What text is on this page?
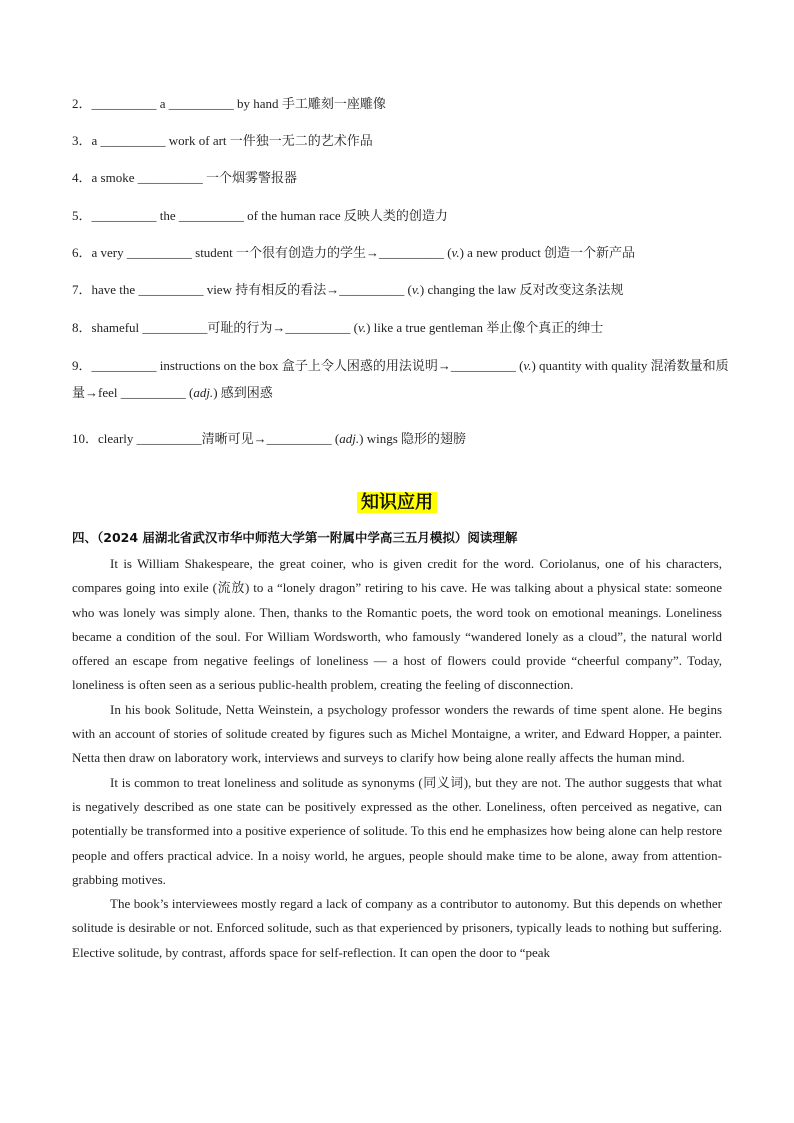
2．__________ a __________ by hand 手工雕刻一座雕像
3．a __________ work of art 一件独一无二的艺术作品
4．a smoke __________ 一个烟雾警报器
5．__________ the __________ of the human race 反映人类的创造力
6．a very __________ student 一个很有创造力的学生→__________ (v.) a new product 创造一个新产品
7．have the __________ view 持有相反的看法→__________ (v.) changing the law 反对改变这条法规
8．shameful __________可耻的行为→__________ (v.) like a true gentleman 举止像个真正的绅士
9．__________ instructions on the box 盒子上令人困惑的用法说明→__________ (v.) quantity with quality 混淆数量和质量→feel __________ (adj.) 感到困惑
10．clearly __________清晰可见→__________ (adj.) wings 隐形的翅膀
知识应用
四、（2024 届湖北省武汉市华中师范大学第一附属中学高三五月模拟）阅读理解

It is William Shakespeare, the great coiner, who is given credit for the word. Coriolanus, one of his characters, compares going into exile (流放) to a “lonely dragon” retiring to his cave. He was talking about a physical state: someone who was lonely was simply alone. Then, thanks to the Romantic poets, the word took on emotional meanings. Loneliness became a condition of the soul. For William Wordsworth, who famously “wandered lonely as a cloud”, the natural world offered an escape from negative feelings of loneliness — a host of flowers could provide “cheerful company”. Today, loneliness is often seen as a serious public-health problem, creating the feeling of disconnection.

In his book Solitude, Netta Weinstein, a psychology professor wonders the rewards of time spent alone. He begins with an account of stories of solitude created by figures such as Michel Montaigne, a writer, and Edward Hopper, a painter. Netta then draw on laboratory work, interviews and surveys to clarify how being alone really affects the human mind.

It is common to treat loneliness and solitude as synonyms (同义词), but they are not. The author suggests that what is negatively described as one state can be positively expressed as the other. Loneliness, often perceived as negative, can potentially be transformed into a positive experience of solitude. To this end he emphasizes how being alone can help restore people and offers practical advice. In a noisy world, he argues, people should make time to be alone, away from attention-grabbing motives.

The book’s interviewees mostly regard a lack of company as a contributor to autonomy. But this depends on whether solitude is desirable or not. Enforced solitude, such as that experienced by prisoners, typically leads to nothing but suffering. Elective solitude, by contrast, affords space for self-reflection. It can open the door to “peak
